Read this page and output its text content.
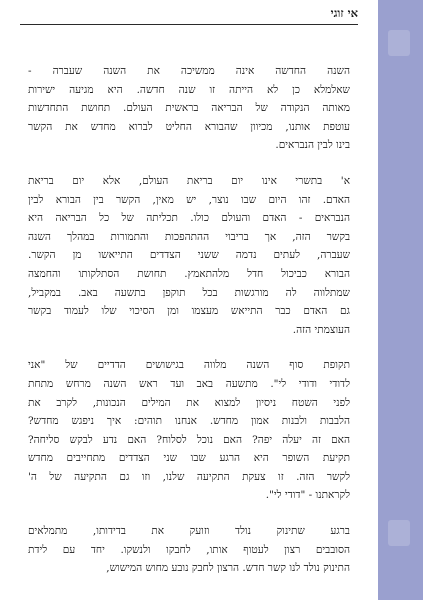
אי זוגי

השנה החדשה אינה ממשיכה את השנה שעברה -
שאלמלא כן לא הייתה זו שנה חדשה. היא מגיעה ישירות
מאותה הנקודה של הבריאה בראשית העולם. תחושת התחדשות
עוטפת אותנו, מכיוון שהבורא החליט לברוא מחדש את הקשר
בינו לבין הנבראים.

א' בתשרי אינו יום בריאת העולם, אלא יום בריאת
האדם. זהו היום שבו נוצר, יש מאין, הקשר בין הבורא לבין
הנבראים - האדם והעולם כולו. תכליתה של כל הבריאה היא
בקשר הזה, אך בריבוי ההתהפכות והתמורות במהלך השנה
שעברה, לעתים נדמה ששני הצדדים התייאשו מן הקשר.
הבורא כביכול חדל מלהתאמץ. תחושת הסתלקותו והחמצה
שמתלווה לה מורגשות בכל תוקפן בתשעה באב. במקביל,
גם האדם כבר התייאש מעצמו ומן הסיכוי שלו לעמוד בקשר
העוצמתי הזה.

תקופת סוף השנה מלווה בגישושים הדדיים של "אני
לדודי ודודי לי". מתשעה באב ועד ראש השנה מרחש מתחת
לפני השטח ניסיון למצוא את המילים הנכונות, לקרב את
הלבבות ולבנות אמון מחדש. אנחנו תוהים: איך ניפגש מחדש?
האם זה יעלה יפה? האם נוכל לסלוח? האם נדע לבקש סליחה?
תקיעת השופר היא הרגע שבו שני הצדדים מתחייבים מחדש
לקשר הזה. זו צעקת התקיעה שלנו, וזו גם התקיעה של ה'
לקראתנו - "דודי לי".

ברגע שתינוק נולד וזועק את בדידותו, מתמלאים
הסובבים רצון לעטוף אותו, לחבקו ולנשקו. יחד עם לידת
התינוק נולד לנו קשר חדש. הרצון לחבק נובע מחוש המישוש,
